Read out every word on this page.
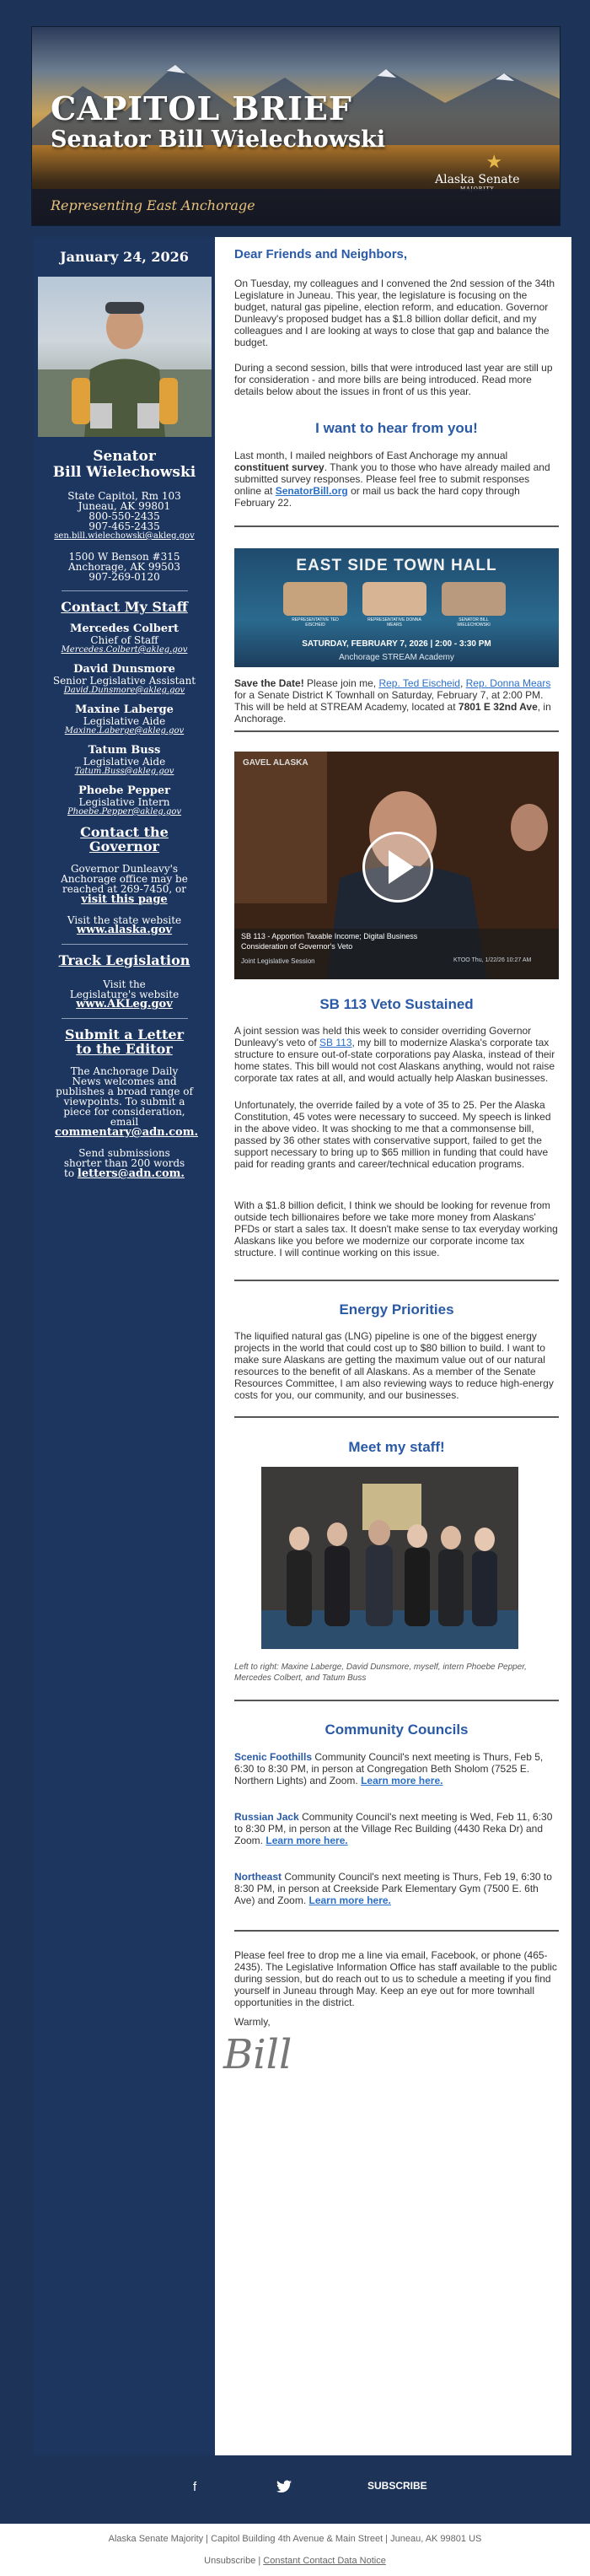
CAPITOL BRIEF
Senator Bill Wielechowski
★
Alaska Senate
Representing East Anchorage
January 24, 2026
Senator
Bill Wielechowski
State Capitol, Rm 103
Juneau, AK 99801
800-550-2435
907-465-2435
sen.bill.wielechowski@akleg.gov
1500 W Benson #315
Anchorage, AK 99503
907-269-0120
Contact My Staff
Mercedes Colbert
Chief of Staff
Mercedes.Colbert@akleg.gov
David Dunsmore
Senior Legislative Assistant
David.Dunsmore@akleg.gov
Maxine Laberge
Legislative Aide
Maxine.Laberge@akleg.gov
Tatum Buss
Legislative Aide
Tatum.Buss@akleg.gov
Phoebe Pepper
Legislative Intern
Phoebe.Pepper@akleg.gov
Contact the Governor
Governor Dunleavy's Anchorage office may be reached at 269-7450, or visit this page
Visit the state website
www.alaska.gov
Track Legislation
Visit the Legislature's website
www.AKLeg.gov
Submit a Letter to the Editor
The Anchorage Daily News welcomes and publishes a broad range of viewpoints. To submit a piece for consideration, email commentary@adn.com.
Send submissions shorter than 200 words to letters@adn.com.
Dear Friends and Neighbors,
On Tuesday, my colleagues and I convened the 2nd session of the 34th Legislature in Juneau. This year, the legislature is focusing on the budget, natural gas pipeline, election reform, and education. Governor Dunleavy's proposed budget has a $1.8 billion dollar deficit, and my colleagues and I are looking at ways to close that gap and balance the budget.
During a second session, bills that were introduced last year are still up for consideration - and more bills are being introduced. Read more details below about the issues in front of us this year.
I want to hear from you!
Last month, I mailed neighbors of East Anchorage my annual constituent survey. Thank you to those who have already mailed and submitted survey responses. Please feel free to submit responses online at SenatorBill.org or mail us back the hard copy through February 22.
EAST SIDE TOWN HALL
REPRESENTATIVE TED EISCHEID
REPRESENTATIVE DONNA MEARS
SENATOR BILL WIELECHOWSKI
SATURDAY, FEBRUARY 7, 2026 | 2:00 - 3:30 PM
Anchorage STREAM Academy
Save the Date! Please join me, Rep. Ted Eischeid, Rep. Donna Mears for a Senate District K Townhall on Saturday, February 7, at 2:00 PM. This will be held at STREAM Academy, located at 7801 E 32nd Ave, in Anchorage.
GAVEL ALASKA
SB 113 - Apportion Taxable Income; Digital Business
Consideration of Governor's Veto
Joint Legislative Session	KTOO Thu, 1/22/26 10:27 AM
SB 113 Veto Sustained
A joint session was held this week to consider overriding Governor Dunleavy's veto of SB 113, my bill to modernize Alaska's corporate tax structure to ensure out-of-state corporations pay Alaska, instead of their home states. This bill would not cost Alaskans anything, would not raise corporate tax rates at all, and would actually help Alaskan businesses.
Unfortunately, the override failed by a vote of 35 to 25. Per the Alaska Constitution, 45 votes were necessary to succeed. My speech is linked in the above video. It was shocking to me that a commonsense bill, passed by 36 other states with conservative support, failed to get the support necessary to bring up to $65 million in funding that could have paid for reading grants and career/technical education programs.
With a $1.8 billion deficit, I think we should be looking for revenue from outside tech billionaires before we take more money from Alaskans' PFDs or start a sales tax. It doesn't make sense to tax everyday working Alaskans like you before we modernize our corporate income tax structure. I will continue working on this issue.
Energy Priorities
The liquified natural gas (LNG) pipeline is one of the biggest energy projects in the world that could cost up to $80 billion to build. I want to make sure Alaskans are getting the maximum value out of our natural resources to the benefit of all Alaskans. As a member of the Senate Resources Committee, I am also reviewing ways to reduce high-energy costs for you, our community, and our businesses.
Meet my staff!
Left to right: Maxine Laberge, David Dunsmore, myself, intern Phoebe Pepper, Mercedes Colbert, and Tatum Buss
Community Councils
Scenic Foothills Community Council's next meeting is Thurs, Feb 5, 6:30 to 8:30 PM, in person at Congregation Beth Sholom (7525 E. Northern Lights) and Zoom. Learn more here.
Russian Jack Community Council's next meeting is Wed, Feb 11, 6:30 to 8:30 PM, in person at the Village Rec Building (4430 Reka Dr) and Zoom. Learn more here.
Northeast Community Council's next meeting is Thurs, Feb 19, 6:30 to 8:30 PM, in person at Creekside Park Elementary Gym (7500 E. 6th Ave) and Zoom. Learn more here.
Please feel free to drop me a line via email, Facebook, or phone (465-2435). The Legislative Information Office has staff available to the public during session, but do reach out to us to schedule a meeting if you find yourself in Juneau through May. Keep an eye out for more townhall opportunities in the district.
Warmly,
Bill
f	SUBSCRIBE
Alaska Senate Majority | Capitol Building 4th Avenue & Main Street | Juneau, AK 99801 US
Unsubscribe | Constant Contact Data Notice
